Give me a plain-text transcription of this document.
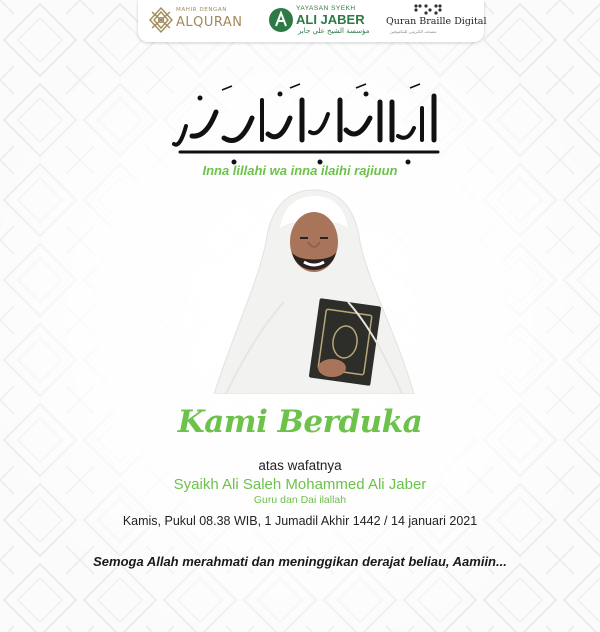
MAHIR DENGAN
ALQURAN
YAYASAN SYEKH
ALI JABER
مؤسسة الشيخ علي جابر
Quran Braille Digital
مصحف الكتروني للمكفوفين
Inna lillahi wa inna ilaihi rajiuun
Kami Berduka
atas wafatnya
Syaikh Ali Saleh Mohammed Ali Jaber
Guru dan Dai ilallah
Kamis, Pukul 08.38 WIB, 1 Jumadil Akhir 1442 / 14 januari 2021
Semoga Allah merahmati dan meninggikan derajat beliau, Aamiin...
